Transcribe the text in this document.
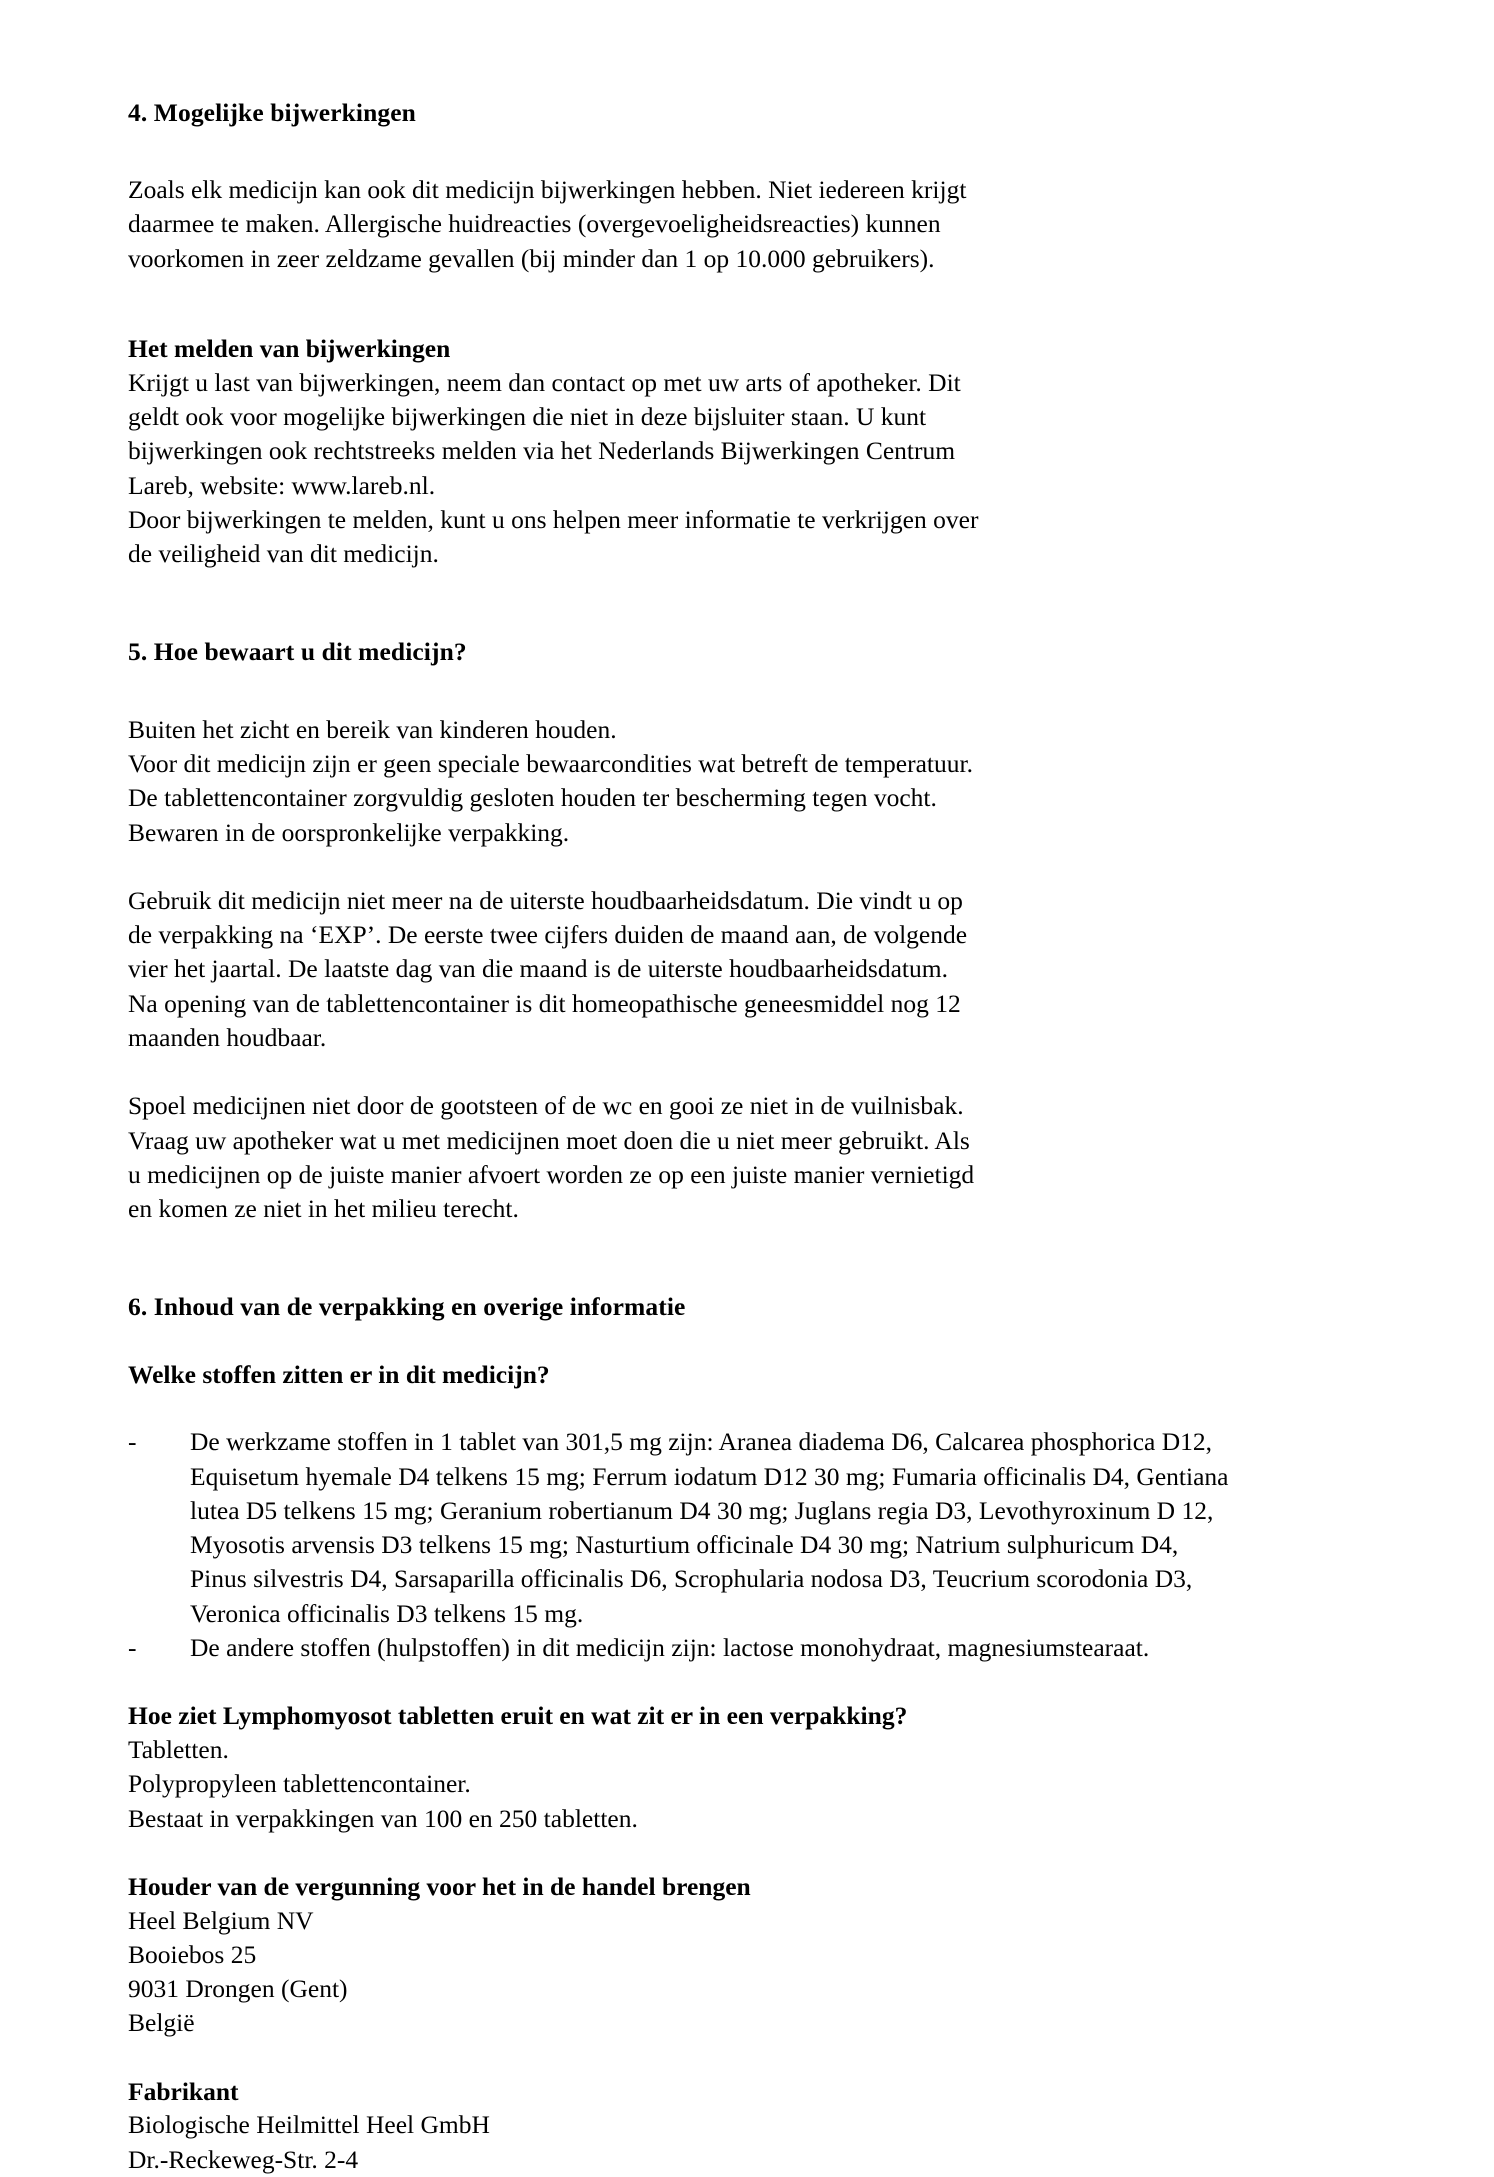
4. Mogelijke bijwerkingen

Zoals elk medicijn kan ook dit medicijn bijwerkingen hebben. Niet iedereen krijgt daarmee te maken. Allergische huidreacties (overgevoeligheidsreacties) kunnen voorkomen in zeer zeldzame gevallen (bij minder dan 1 op 10.000 gebruikers).

Het melden van bijwerkingen

Krijgt u last van bijwerkingen, neem dan contact op met uw arts of apotheker. Dit geldt ook voor mogelijke bijwerkingen die niet in deze bijsluiter staan. U kunt bijwerkingen ook rechtstreeks melden via het Nederlands Bijwerkingen Centrum Lareb, website: www.lareb.nl.

Door bijwerkingen te melden, kunt u ons helpen meer informatie te verkrijgen over de veiligheid van dit medicijn.

5. Hoe bewaart u dit medicijn?

Buiten het zicht en bereik van kinderen houden.

Voor dit medicijn zijn er geen speciale bewaarcondities wat betreft de temperatuur.

De tablettencontainer zorgvuldig gesloten houden ter bescherming tegen vocht. Bewaren in de oorspronkelijke verpakking.

Gebruik dit medicijn niet meer na de uiterste houdbaarheidsdatum. Die vindt u op de verpakking na ‘EXP’. De eerste twee cijfers duiden de maand aan, de volgende vier het jaartal. De laatste dag van die maand is de uiterste houdbaarheidsdatum.

Na opening van de tablettencontainer is dit homeopathische geneesmiddel nog 12 maanden houdbaar.

Spoel medicijnen niet door de gootsteen of de wc en gooi ze niet in de vuilnisbak. Vraag uw apotheker wat u met medicijnen moet doen die u niet meer gebruikt. Als u medicijnen op de juiste manier afvoert worden ze op een juiste manier vernietigd en komen ze niet in het milieu terecht.

6. Inhoud van de verpakking en overige informatie
Welke stoffen zitten er in dit medicijn?
- De werkzame stoffen in 1 tablet van 301,5 mg zijn: Aranea diadema D6, Calcarea phosphorica D12, Equisetum hyemale D4 telkens 15 mg; Ferrum iodatum D12 30 mg; Fumaria officinalis D4, Gentiana lutea D5 telkens 15 mg; Geranium robertianum D4 30 mg; Juglans regia D3, Levothyroxinum D 12, Myosotis arvensis D3 telkens 15 mg; Nasturtium officinale D4 30 mg; Natrium sulphuricum D4, Pinus silvestris D4, Sarsaparilla officinalis D6, Scrophularia nodosa D3, Teucrium scorodonia D3, Veronica officinalis D3 telkens 15 mg.
- De andere stoffen (hulpstoffen) in dit medicijn zijn: lactose monohydraat, magnesiumstearaat.
Hoe ziet Lymphomyosot tabletten eruit en wat zit er in een verpakking?

Tabletten.

Polypropyleen tablettencontainer.

Bestaat in verpakkingen van 100 en 250 tabletten.

Houder van de vergunning voor het in de handel brengen

Heel Belgium NV

Booiebos 25

9031 Drongen (Gent)

België

Fabrikant

Biologische Heilmittel Heel GmbH

Dr.-Reckeweg-Str. 2-4
